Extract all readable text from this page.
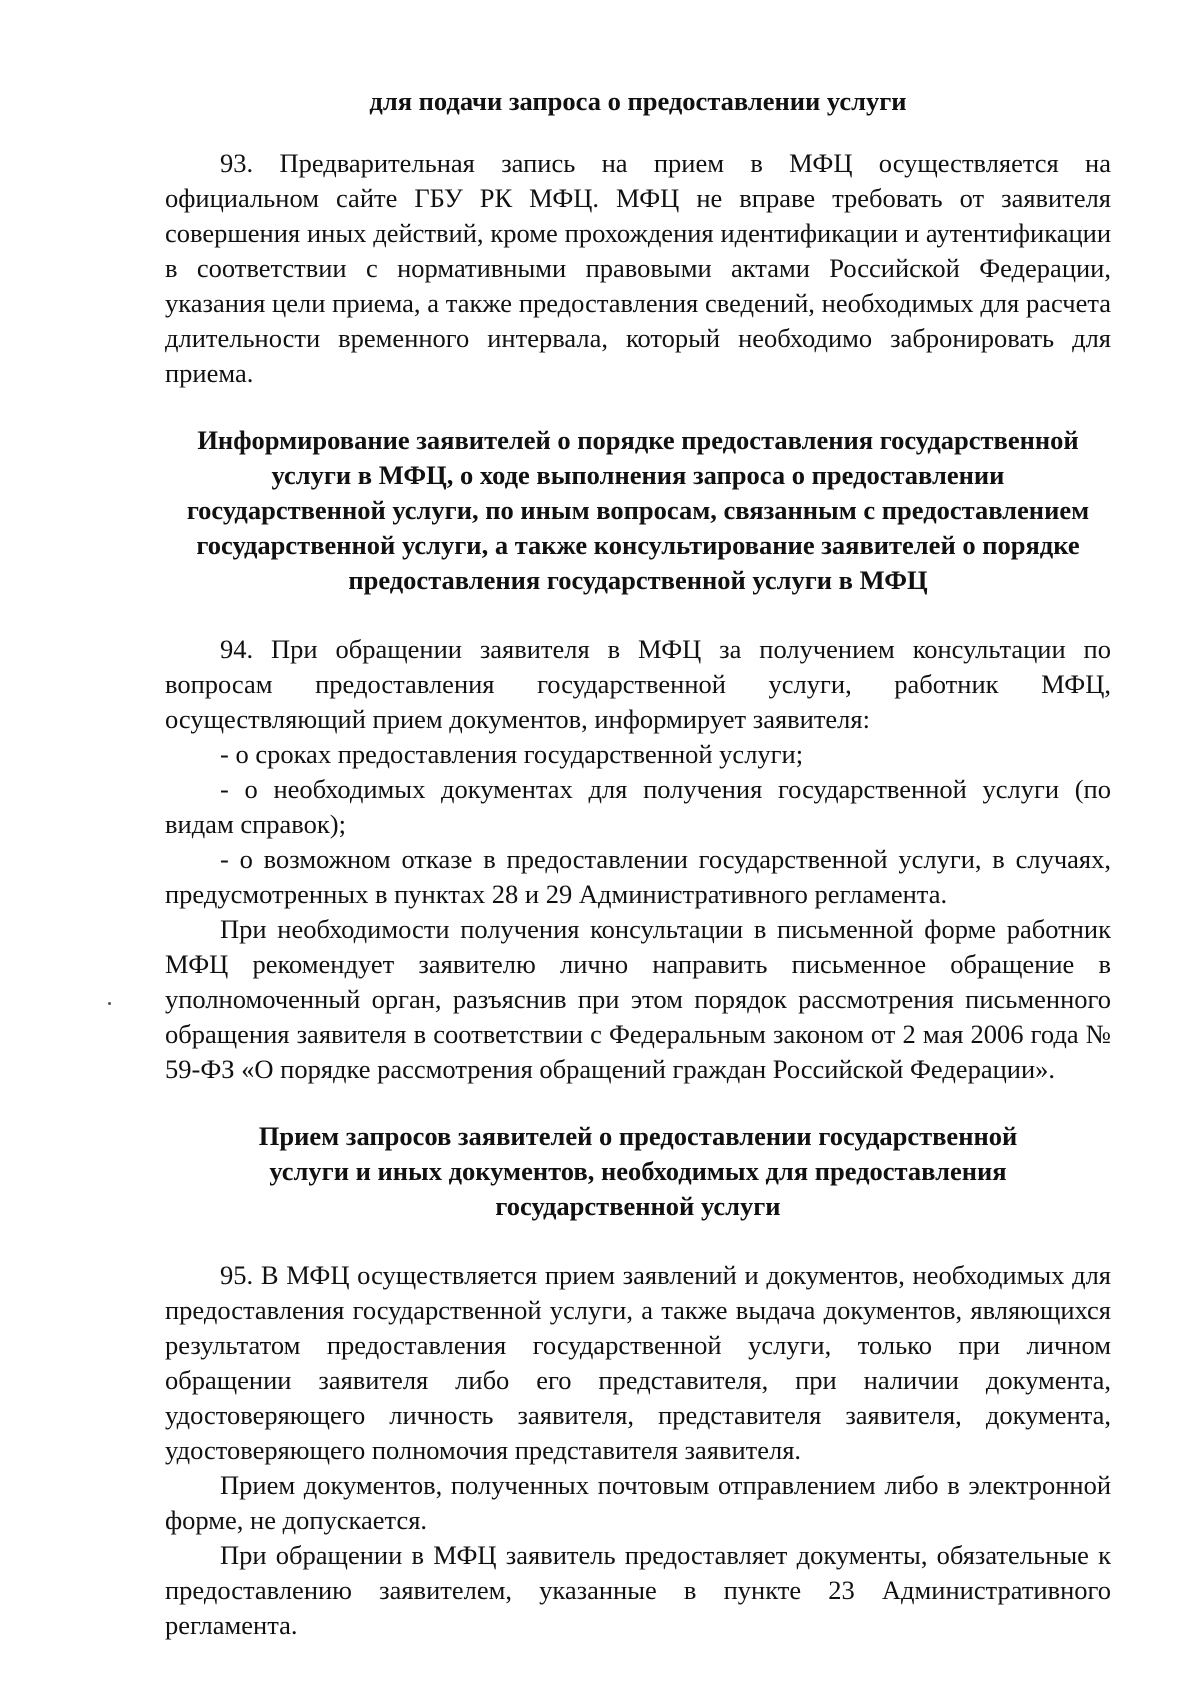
для подачи запроса о предоставлении услуги

93. Предварительная запись на прием в МФЦ осуществляется на официальном сайте ГБУ РК МФЦ. МФЦ не вправе требовать от заявителя совершения иных действий, кроме прохождения идентификации и аутентификации в соответствии с нормативными правовыми актами Российской Федерации, указания цели приема, а также предоставления сведений, необходимых для расчета длительности временного интервала, который необходимо забронировать для приема.

Информирование заявителей о порядке предоставления государственной услуги в МФЦ, о ходе выполнения запроса о предоставлении государственной услуги, по иным вопросам, связанным с предоставлением государственной услуги, а также консультирование заявителей о порядке предоставления государственной услуги в МФЦ

94. При обращении заявителя в МФЦ за получением консультации по вопросам предоставления государственной услуги, работник МФЦ, осуществляющий прием документов, информирует заявителя:

- о сроках предоставления государственной услуги;

- о необходимых документах для получения государственной услуги (по видам справок);

- о возможном отказе в предоставлении государственной услуги, в случаях, предусмотренных в пунктах 28 и 29 Административного регламента.

При необходимости получения консультации в письменной форме работник МФЦ рекомендует заявителю лично направить письменное обращение в уполномоченный орган, разъяснив при этом порядок рассмотрения письменного обращения заявителя в соответствии с Федеральным законом от 2 мая 2006 года № 59-ФЗ «О порядке рассмотрения обращений граждан Российской Федерации».

Прием запросов заявителей о предоставлении государственной услуги и иных документов, необходимых для предоставления государственной услуги

95. В МФЦ осуществляется прием заявлений и документов, необходимых для предоставления государственной услуги, а также выдача документов, являющихся результатом предоставления государственной услуги, только при личном обращении заявителя либо его представителя, при наличии документа, удостоверяющего личность заявителя, представителя заявителя, документа, удостоверяющего полномочия представителя заявителя.

Прием документов, полученных почтовым отправлением либо в электронной форме, не допускается.

При обращении в МФЦ заявитель предоставляет документы, обязательные к предоставлению заявителем, указанные в пункте 23 Административного регламента.
